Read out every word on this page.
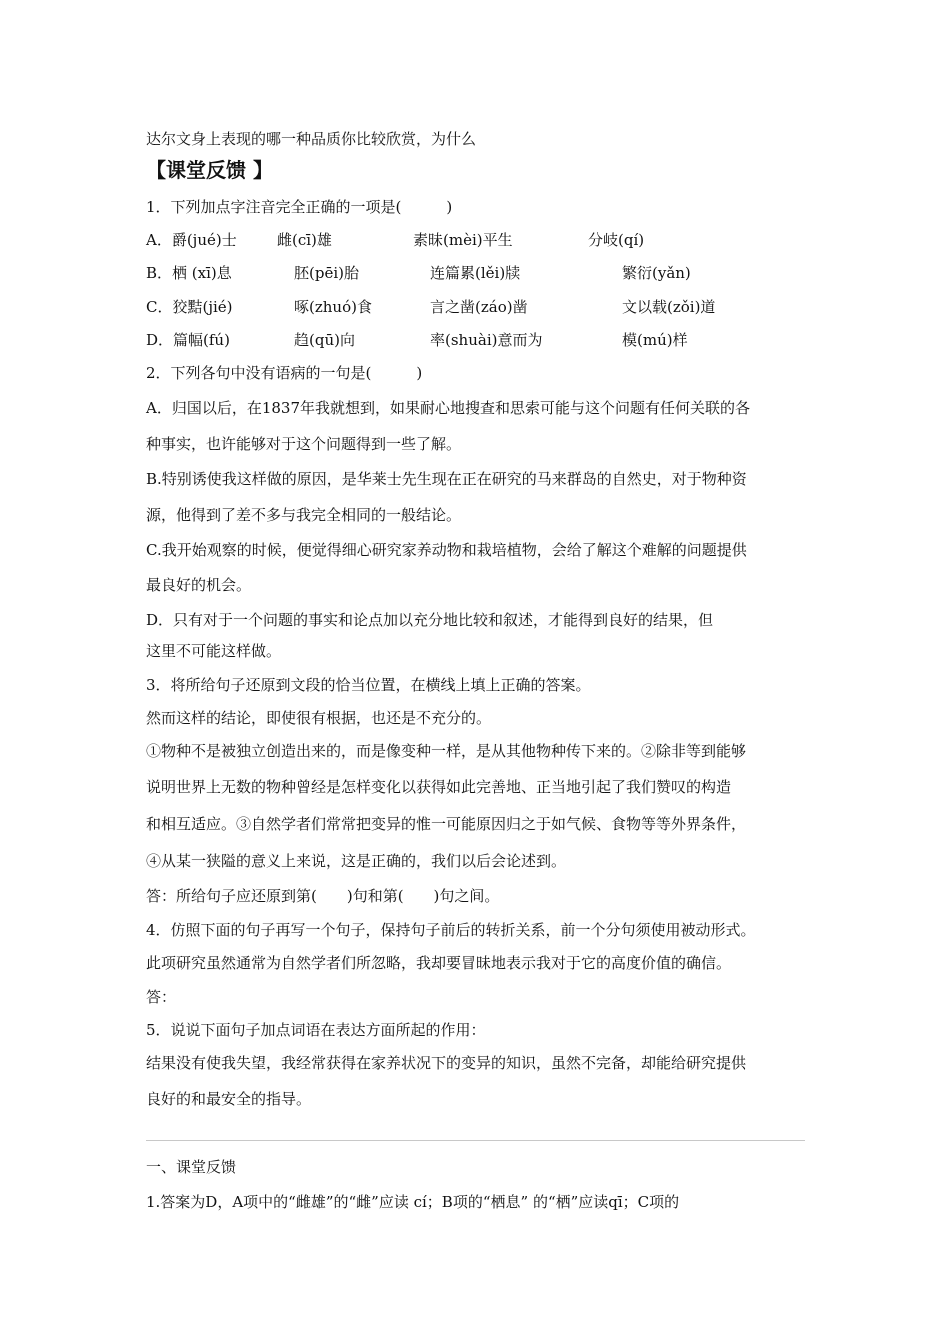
达尔文身上表现的哪一种品质你比较欣赏，为什么
【课堂反馈 】
1．下列加点字注音完全正确的一项是(　　　)
A．爵(jué)士	雌(cī)雄	素昧(mèi)平生	分岐(qí)
B．栖 (xī)息	胚(pēi)胎	连篇累(lěi)牍	繁衍(yǎn)
C．狡黠(jié)	啄(zhuó)食	言之凿(záo)凿	文以载(zǒi)道
D．篇幅(fú)	趋(qū)向	率(shuài)意而为	模(mú)样
2．下列各句中没有语病的一句是(　　　)
A．归国以后，在1837年我就想到，如果耐心地搜查和思索可能与这个问题有任何关联的各
种事实，也许能够对于这个问题得到一些了解。
B.特别诱使我这样做的原因，是华莱士先生现在正在研究的马来群岛的自然史，对于物种资
源，他得到了差不多与我完全相同的一般结论。
C.我开始观察的时候，便觉得细心研究家养动物和栽培植物，会给了解这个难解的问题提供
最良好的机会。
D．只有对于一个问题的事实和论点加以充分地比较和叙述，才能得到良好的结果，但
这里不可能这样做。
3．将所给句子还原到文段的恰当位置，在横线上填上正确的答案。
然而这样的结论，即使很有根据，也还是不充分的。
①物种不是被独立创造出来的，而是像变种一样，是从其他物种传下来的。②除非等到能够
说明世界上无数的物种曾经是怎样变化以获得如此完善地、正当地引起了我们赞叹的构造
和相互适应。③自然学者们常常把变异的惟一可能原因归之于如气候、食物等等外界条件，
④从某一狭隘的意义上来说，这是正确的，我们以后会论述到。
答：所给句子应还原到第(　　)句和第(　　)句之间。
4．仿照下面的句子再写一个句子，保持句子前后的转折关系，前一个分句须使用被动形式。
此项研究虽然通常为自然学者们所忽略，我却要冒昧地表示我对于它的高度价值的确信。
答：
5．说说下面句子加点词语在表达方面所起的作用：
结果没有使我失望，我经常获得在家养状况下的变异的知识，虽然不完备，却能给研究提供
良好的和最安全的指导。
一、课堂反馈
1.答案为D，A项中的“雌雄”的“雌”应读 cí；B项的“栖息” 的“栖”应读qī；C项的
